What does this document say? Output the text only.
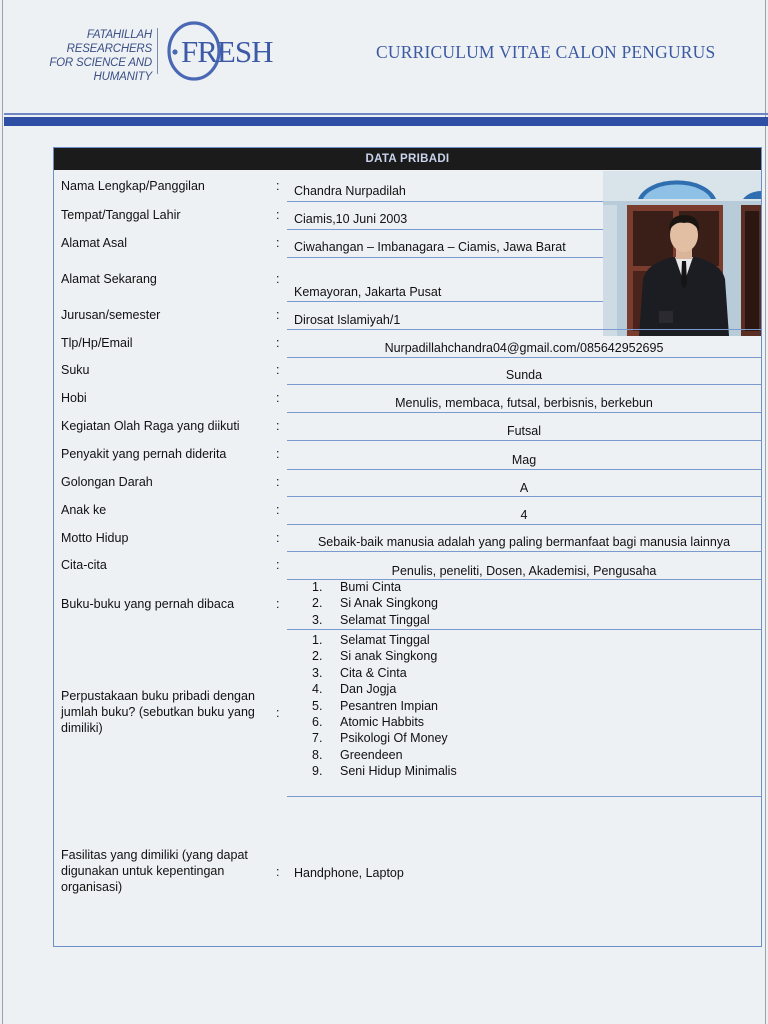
FATAHILLAH RESEARCHERS
FOR SCIENCE AND
HUMANITY
FRESH	CURRICULUM VITAE CALON PENGURUS
DATA PRIBADI
Nama Lengkap/Panggilan	: Chandra Nurpadilah
Tempat/Tanggal Lahir	: Ciamis,10 Juni 2003
Alamat Asal	: Ciwahangan – Imbanagara – Ciamis, Jawa Barat
Alamat Sekarang	:
Kemayoran, Jakarta Pusat
Jurusan/semester	: Dirosat Islamiyah/1
Tlp/Hp/Email	:	Nurpadillahchandra04@gmail.com/085642952695
Suku	:	Sunda
Hobi	:	Menulis, membaca, futsal, berbisnis, berkebun
Kegiatan Olah Raga yang diikuti	:	Futsal
Penyakit yang pernah diderita	:	Mag
Golongan Darah	:	A
Anak ke	:	4
Motto Hidup	:	Sebaik-baik manusia adalah yang paling bermanfaat bagi manusia lainnya
Cita-cita	:	Penulis, peneliti, Dosen, Akademisi, Pengusaha
Buku-buku yang pernah dibaca	:
1. Bumi Cinta
2. Si Anak Singkong
3. Selamat Tinggal
Perpustakaan buku pribadi dengan
jumlah buku? (sebutkan buku yang
dimiliki)
:
1. Selamat Tinggal
2. Si anak Singkong
3. Cita & Cinta
4. Dan Jogja
5. Pesantren Impian
6. Atomic Habbits
7. Psikologi Of Money
8. Greendeen
9. Seni Hidup Minimalis
Fasilitas yang dimiliki (yang dapat
digunakan untuk kepentingan
organisasi)
: Handphone, Laptop
